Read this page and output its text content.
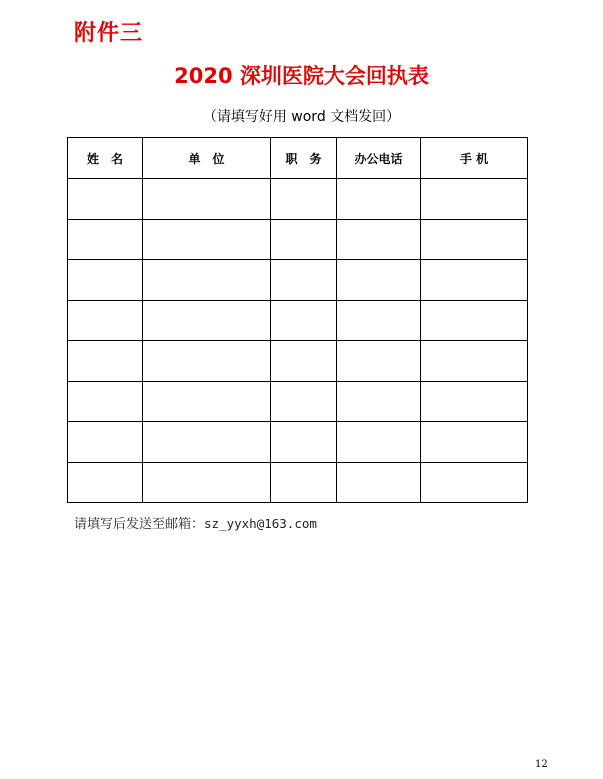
附件三
2020 深圳医院大会回执表
（请填写好用 word 文档发回）
姓　名	单　位	职　务	办公电话	手 机

请填写后发送至邮箱：sz_yyxh@163.com
12
